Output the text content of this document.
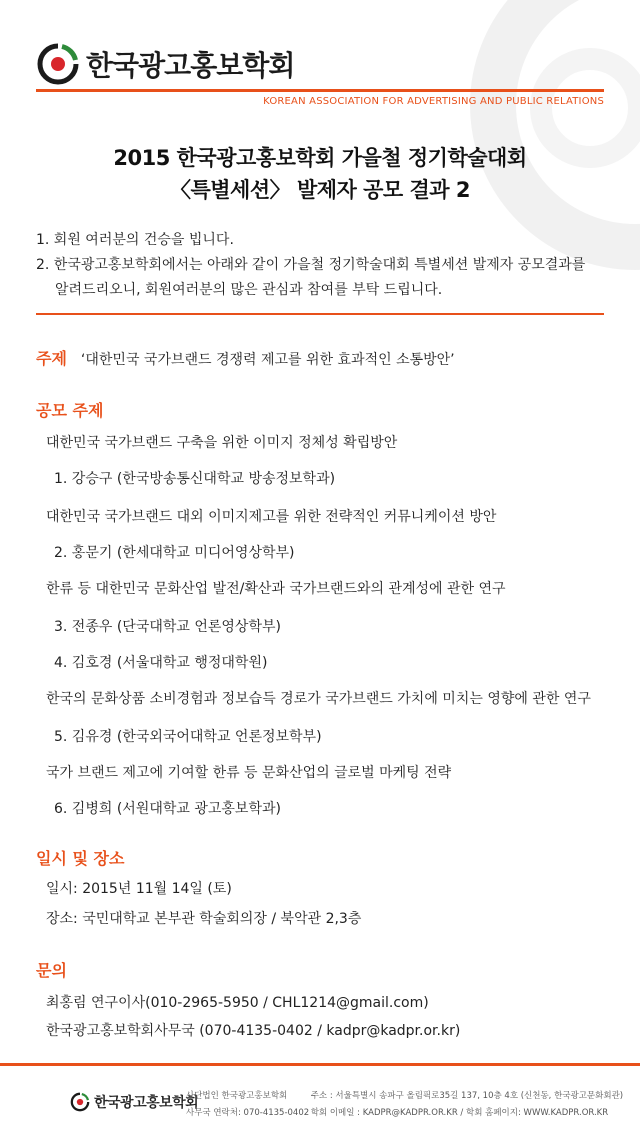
한국광고홍보학회
KOREAN ASSOCIATION FOR ADVERTISING AND PUBLIC RELATIONS
2015 한국광고홍보학회 가을철 정기학술대회
〈특별세션〉 발제자 공모 결과 2
1. 회원 여러분의 건승을 빕니다.
2. 한국광고홍보학회에서는 아래와 같이 가을철 정기학술대회 특별세션 발제자 공모결과를
알려드리오니, 회원여러분의 많은 관심과 참여를 부탁 드립니다.
주제 ‘대한민국 국가브랜드 경쟁력 제고를 위한 효과적인 소통방안’
공모 주제
대한민국 국가브랜드 구축을 위한 이미지 정체성 확립방안
1. 강승구 (한국방송통신대학교 방송정보학과)
대한민국 국가브랜드 대외 이미지제고를 위한 전략적인 커뮤니케이션 방안
2. 홍문기 (한세대학교 미디어영상학부)
한류 등 대한민국 문화산업 발전/확산과 국가브랜드와의 관계성에 관한 연구
3. 전종우 (단국대학교 언론영상학부)
4. 김호경 (서울대학교 행정대학원)
한국의 문화상품 소비경험과 정보습득 경로가 국가브랜드 가치에 미치는 영향에 관한 연구
5. 김유경 (한국외국어대학교 언론정보학부)
국가 브랜드 제고에 기여할 한류 등 문화산업의 글로벌 마케팅 전략
6. 김병희 (서원대학교 광고홍보학과)
일시 및 장소
일시: 2015년 11월 14일 (토)
장소: 국민대학교 본부관 학술회의장 / 북악관 2,3층
문의
최홍림 연구이사(010-2965-5950 / CHL1214@gmail.com)
한국광고홍보학회사무국 (070-4135-0402 / kadpr@kadpr.or.kr)
한국광고홍보학회
사단법인 한국광고홍보학회	주소 : 서울특별시 송파구 올림픽로35길 137, 10층 4호 (신천동, 한국광고문화회관)
사무국 연락처: 070-4135-0402 학회 이메일 : KADPR@KADPR.OR.KR / 학회 홈페이지: WWW.KADPR.OR.KR
